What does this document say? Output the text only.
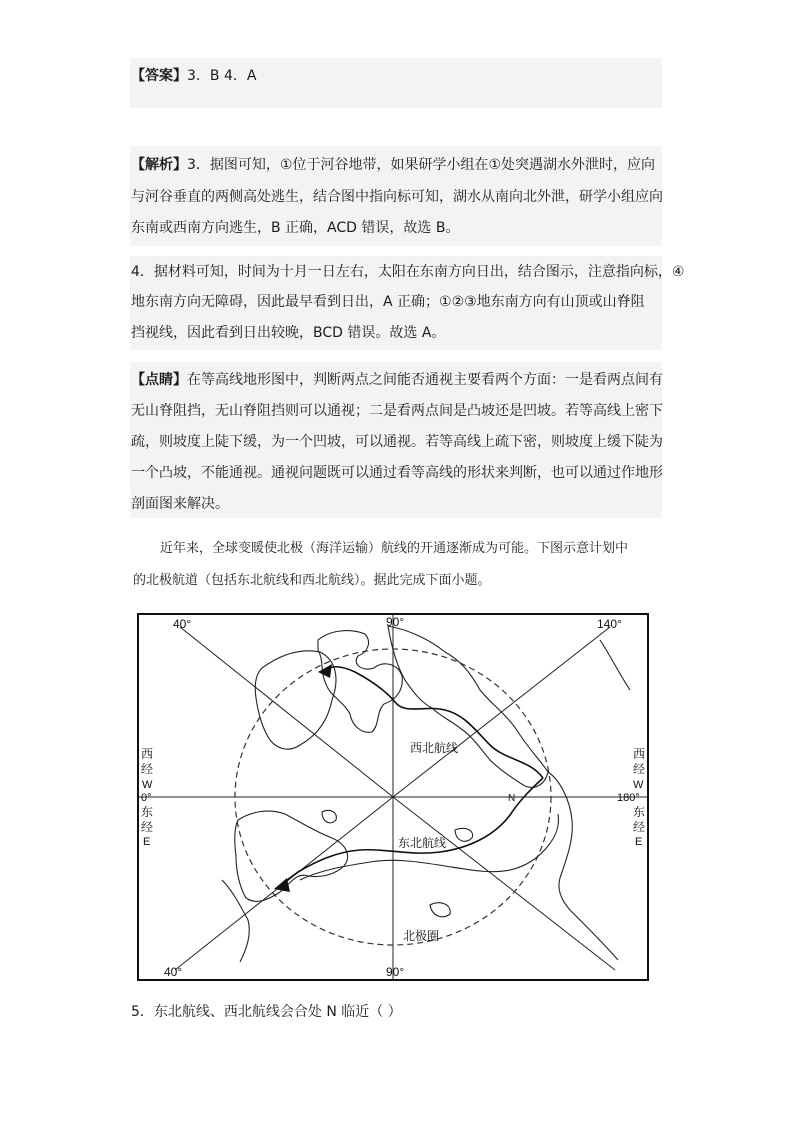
【答案】3．B 4．A
【解析】3．据图可知，①位于河谷地带，如果研学小组在①处突遇湖水外泄时，应向
与河谷垂直的两侧高处逃生，结合图中指向标可知，湖水从南向北外泄，研学小组应向
东南或西南方向逃生，B 正确，ACD 错误，故选 B。
4．据材料可知，时间为十月一日左右，太阳在东南方向日出，结合图示，注意指向标，④
地东南方向无障碍，因此最早看到日出，A 正确；①②③地东南方向有山顶或山脊阻
挡视线，因此看到日出较晚，BCD 错误。故选 A。
【点睛】在等高线地形图中，判断两点之间能否通视主要看两个方面：一是看两点间有
无山脊阻挡，无山脊阻挡则可以通视；二是看两点间是凸坡还是凹坡。若等高线上密下
疏，则坡度上陡下缓，为一个凹坡，可以通视。若等高线上疏下密，则坡度上缓下陡为
一个凸坡，不能通视。通视问题既可以通过看等高线的形状来判断，也可以通过作地形
剖面图来解决。
近年来，全球变暖使北极（海洋运输）航线的开通逐渐成为可能。下图示意计划中
的北极航道（包括东北航线和西北航线）。据此完成下面小题。
40°	90°	140°
40°	90°
西
经
W
0°
东
经
E
西
经
W
180°
东
经
E
西北航线
东北航线
北极圈
N
5．东北航线、西北航线会合处 N 临近（ ）
